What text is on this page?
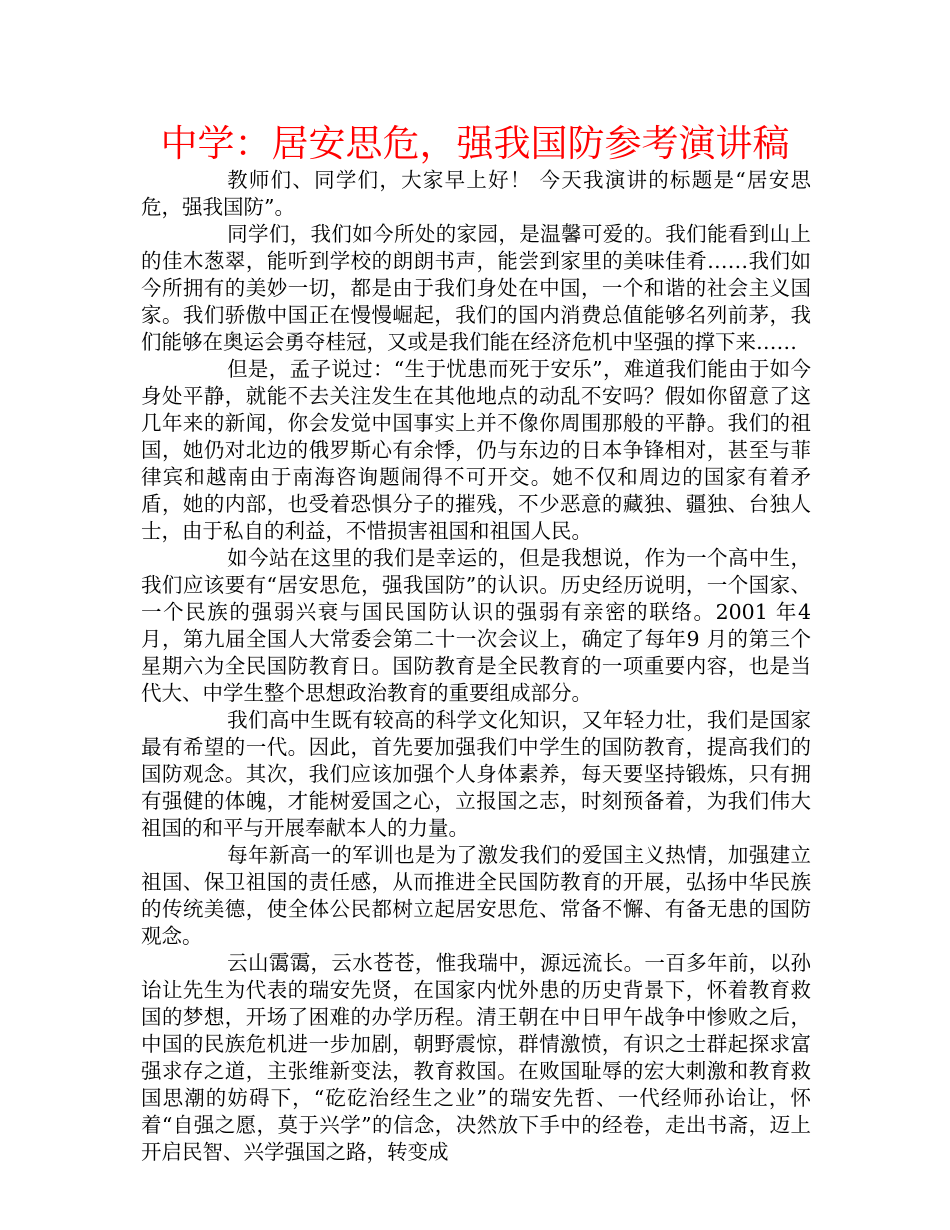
中学：居安思危，强我国防参考演讲稿

教师们、同学们，大家早上好！ 今天我演讲的标题是“居安思危，强我国防”。

同学们，我们如今所处的家园，是温馨可爱的。我们能看到山上的佳木葱翠，能听到学校的朗朗书声，能尝到家里的美味佳肴……我们如今所拥有的美妙一切，都是由于我们身处在中国，一个和谐的社会主义国家。我们骄傲中国正在慢慢崛起，我们的国内消费总值能够名列前茅，我们能够在奥运会勇夺桂冠，又或是我们能在经济危机中坚强的撑下来……

但是，孟子说过：“生于忧患而死于安乐”，难道我们能由于如今身处平静，就能不去关注发生在其他地点的动乱不安吗？假如你留意了这几年来的新闻，你会发觉中国事实上并不像你周围那般的平静。我们的祖国，她仍对北边的俄罗斯心有余悸，仍与东边的日本争锋相对，甚至与菲律宾和越南由于南海咨询题闹得不可开交。她不仅和周边的国家有着矛盾，她的内部，也受着恐惧分子的摧残，不少恶意的藏独、疆独、台独人士，由于私自的利益，不惜损害祖国和祖国人民。

如今站在这里的我们是幸运的，但是我想说，作为一个高中生，我们应该要有“居安思危，强我国防”的认识。历史经历说明，一个国家、一个民族的强弱兴衰与国民国防认识的强弱有亲密的联络。2001 年4 月，第九届全国人大常委会第二十一次会议上，确定了每年9 月的第三个星期六为全民国防教育日。国防教育是全民教育的一项重要内容，也是当代大、中学生整个思想政治教育的重要组成部分。

我们高中生既有较高的科学文化知识，又年轻力壮，我们是国家最有希望的一代。因此，首先要加强我们中学生的国防教育，提高我们的国防观念。其次，我们应该加强个人身体素养，每天要坚持锻炼，只有拥有强健的体魄，才能树爱国之心，立报国之志，时刻预备着，为我们伟大祖国的和平与开展奉献本人的力量。

每年新高一的军训也是为了激发我们的爱国主义热情，加强建立祖国、保卫祖国的责任感，从而推进全民国防教育的开展，弘扬中华民族的传统美德，使全体公民都树立起居安思危、常备不懈、有备无患的国防观念。

云山霭霭，云水苍苍，惟我瑞中，源远流长。一百多年前，以孙诒让先生为代表的瑞安先贤，在国家内忧外患的历史背景下，怀着教育救国的梦想，开场了困难的办学历程。清王朝在中日甲午战争中惨败之后，中国的民族危机进一步加剧，朝野震惊，群情激愤，有识之士群起探求富强求存之道，主张维新变法，教育救国。在败国耻辱的宏大刺激和教育救国思潮的妨碍下，“矻矻治经生之业”的瑞安先哲、一代经师孙诒让，怀着“自强之愿，莫于兴学”的信念，决然放下手中的经卷，走出书斋，迈上开启民智、兴学强国之路，转变成
